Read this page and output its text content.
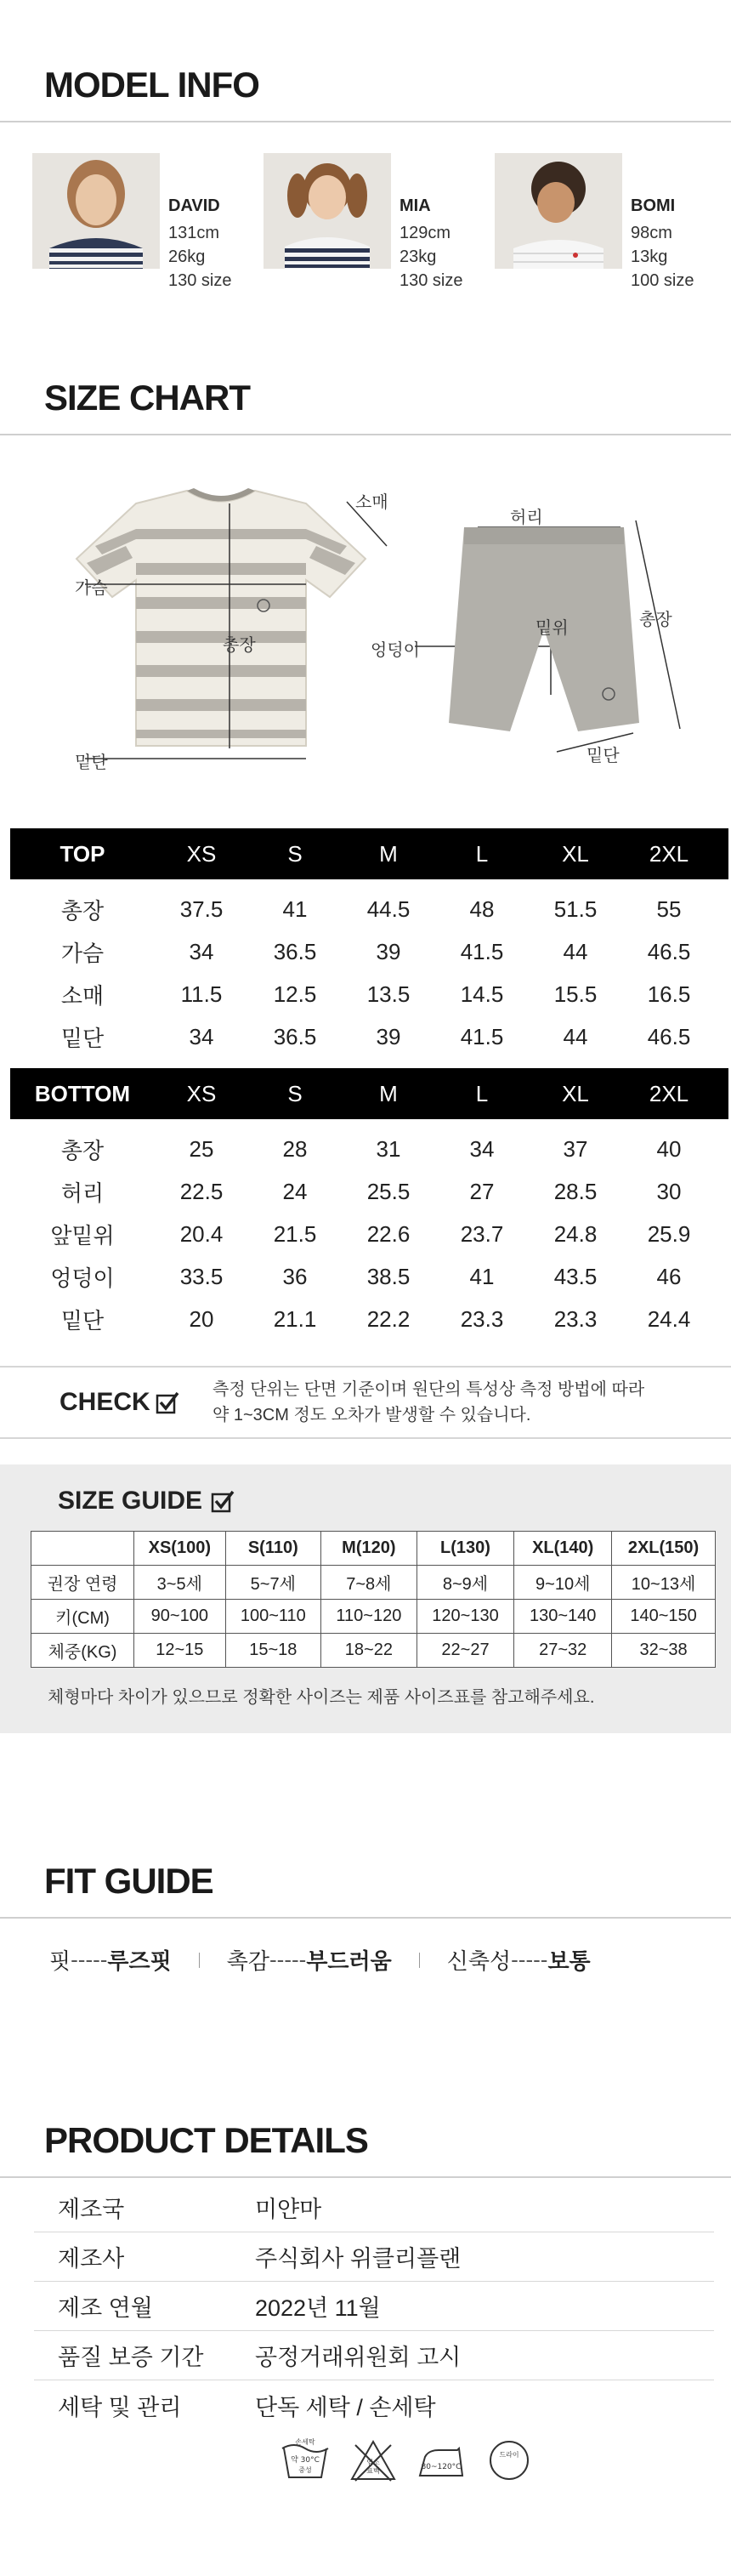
MODEL INFO
DAVID
131cm
26kg
130 size
MIA
129cm
23kg
130 size
BOMI
98cm
13kg
100 size
SIZE CHART
소매
가슴
총장
밑단
허리
밑위
엉덩이
총장
밑단
TOP	XS	S	M	L	XL	2XL
총장	37.5	41	44.5	48	51.5	55
가슴	34	36.5	39	41.5	44	46.5
소매	11.5	12.5	13.5	14.5	15.5	16.5
밑단	34	36.5	39	41.5	44	46.5
BOTTOM	XS	S	M	L	XL	2XL
총장	25	28	31	34	37	40
허리	22.5	24	25.5	27	28.5	30
앞밑위	20.4	21.5	22.6	23.7	24.8	25.9
엉덩이	33.5	36	38.5	41	43.5	46
밑단	20	21.1	22.2	23.3	23.3	24.4
CHECK	측정 단위는 단면 기준이며 원단의 특성상 측정 방법에 따라
약 1~3CM 정도 오차가 발생할 수 있습니다.
SIZE GUIDE
	XS(100)	S(110)	M(120)	L(130)	XL(140)	2XL(150)
권장 연령	3~5세	5~7세	7~8세	8~9세	9~10세	10~13세
키(CM)	90~100	100~110	110~120	120~130	130~140	140~150
체중(KG)	12~15	15~18	18~22	22~27	27~32	32~38
체형마다 차이가 있으므로 정확한 사이즈는 제품 사이즈표를 참고해주세요.
FIT GUIDE
핏 ----- 루즈핏	촉감 ----- 부드러움	신축성 ----- 보통
PRODUCT DETAILS
제조국	미얀마
제조사	주식회사 위클리플랜
제조 연월	2022년 11월
품질 보증 기간	공정거래위원회 고시
세탁 및 관리	단독 세탁 / 손세탁
손세탁
약 30°C
중성
염소
표백	80~120°C
드라이
